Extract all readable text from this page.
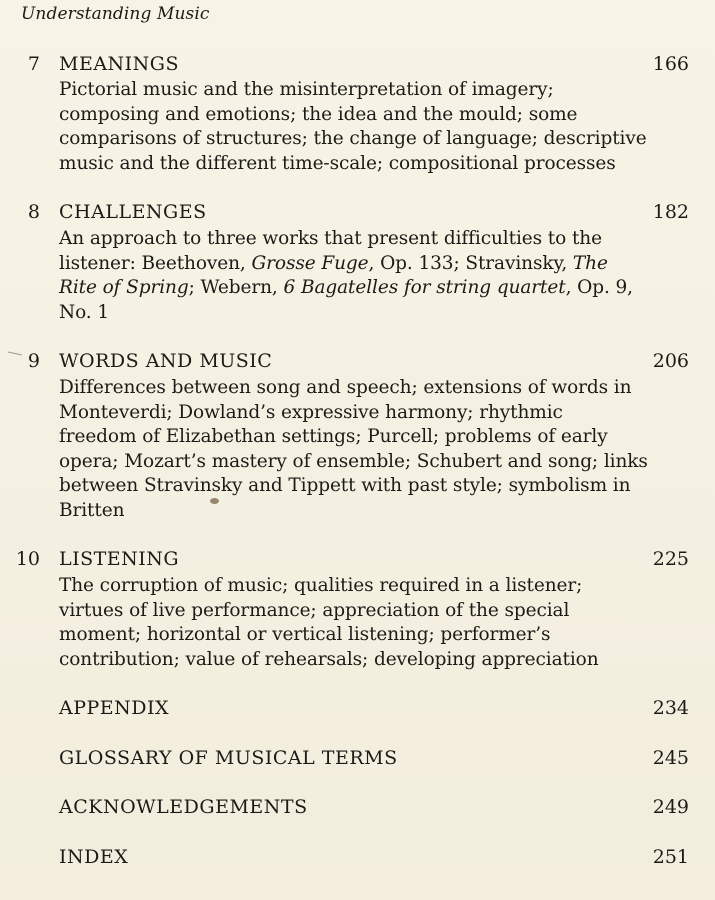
Understanding Music
7 MEANINGS	166
Pictorial music and the misinterpretation of imagery;
composing and emotions; the idea and the mould; some
comparisons of structures; the change of language; descriptive
music and the different time-scale; compositional processes
8 CHALLENGES	182
An approach to three works that present difficulties to the
listener: Beethoven, Grosse Fuge, Op. 133; Stravinsky, The
Rite of Spring; Webern, 6 Bagatelles for string quartet, Op. 9,
No. 1
9 WORDS AND MUSIC	206
Differences between song and speech; extensions of words in
Monteverdi; Dowland’s expressive harmony; rhythmic
freedom of Elizabethan settings; Purcell; problems of early
opera; Mozart’s mastery of ensemble; Schubert and song; links
between Stravinsky and Tippett with past style; symbolism in
Britten
10 LISTENING	225
The corruption of music; qualities required in a listener;
virtues of live performance; appreciation of the special
moment; horizontal or vertical listening; performer’s
contribution; value of rehearsals; developing appreciation
APPENDIX	234
GLOSSARY OF MUSICAL TERMS	245
ACKNOWLEDGEMENTS	249
INDEX	251
